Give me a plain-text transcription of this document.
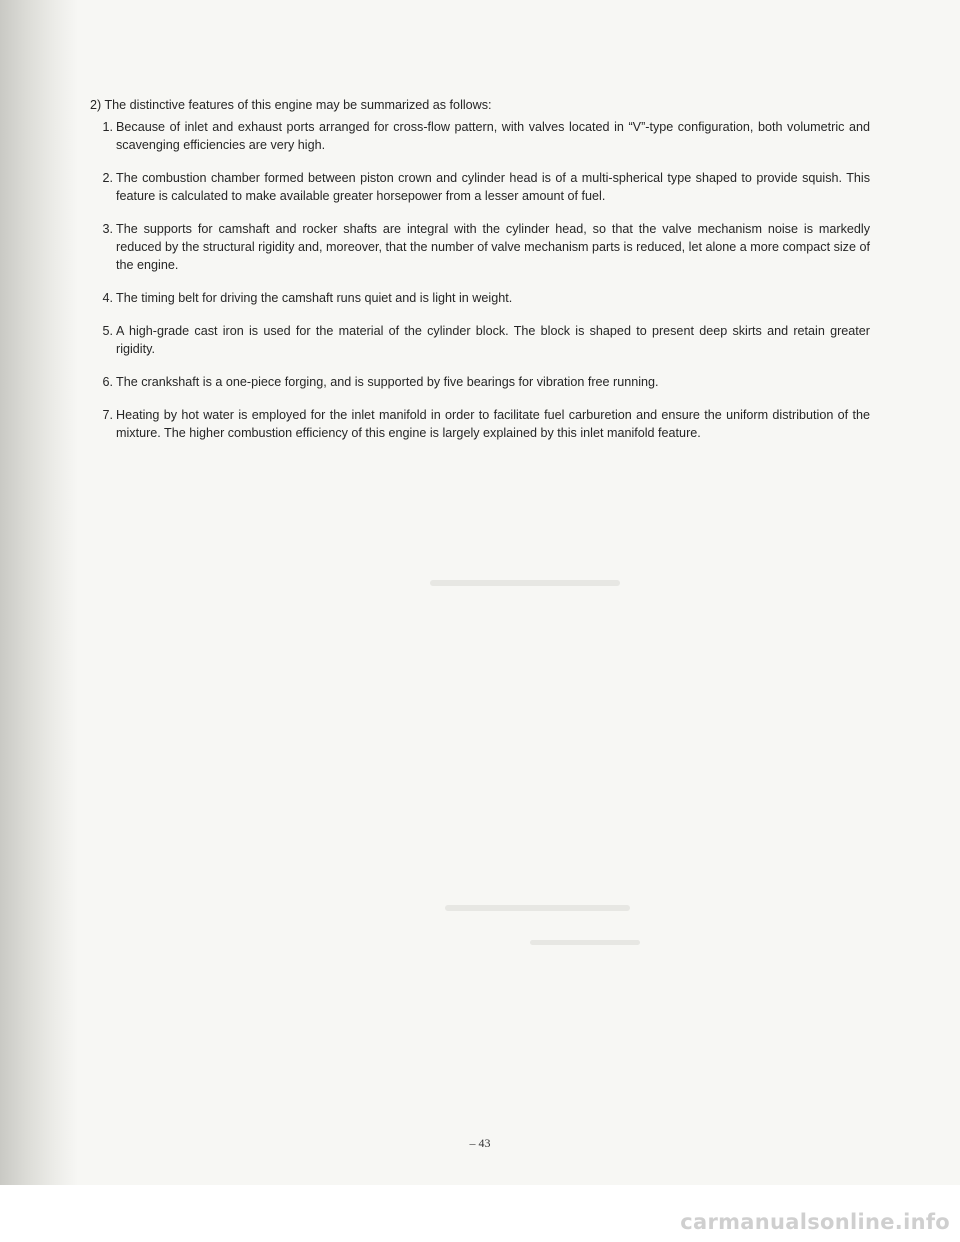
2) The distinctive features of this engine may be summarized as follows:

1. Because of inlet and exhaust ports arranged for cross-flow pattern, with valves located in “V”-type configuration, both volumetric and scavenging efficiencies are very high.
2. The combustion chamber formed between piston crown and cylinder head is of a multi-spherical type shaped to provide squish. This feature is calculated to make available greater horsepower from a lesser amount of fuel.
3. The supports for camshaft and rocker shafts are integral with the cylinder head, so that the valve mechanism noise is markedly reduced by the structural rigidity and, moreover, that the number of valve mechanism parts is reduced, let alone a more compact size of the engine.
4. The timing belt for driving the camshaft runs quiet and is light in weight.
5. A high-grade cast iron is used for the material of the cylinder block. The block is shaped to present deep skirts and retain greater rigidity.
6. The crankshaft is a one-piece forging, and is supported by five bearings for vibration free running.
7. Heating by hot water is employed for the inlet manifold in order to facilitate fuel carburetion and ensure the uniform distribution of the mixture. The higher combustion efficiency of this engine is largely explained by this inlet manifold feature.
– 43
carmanualsonline.info
